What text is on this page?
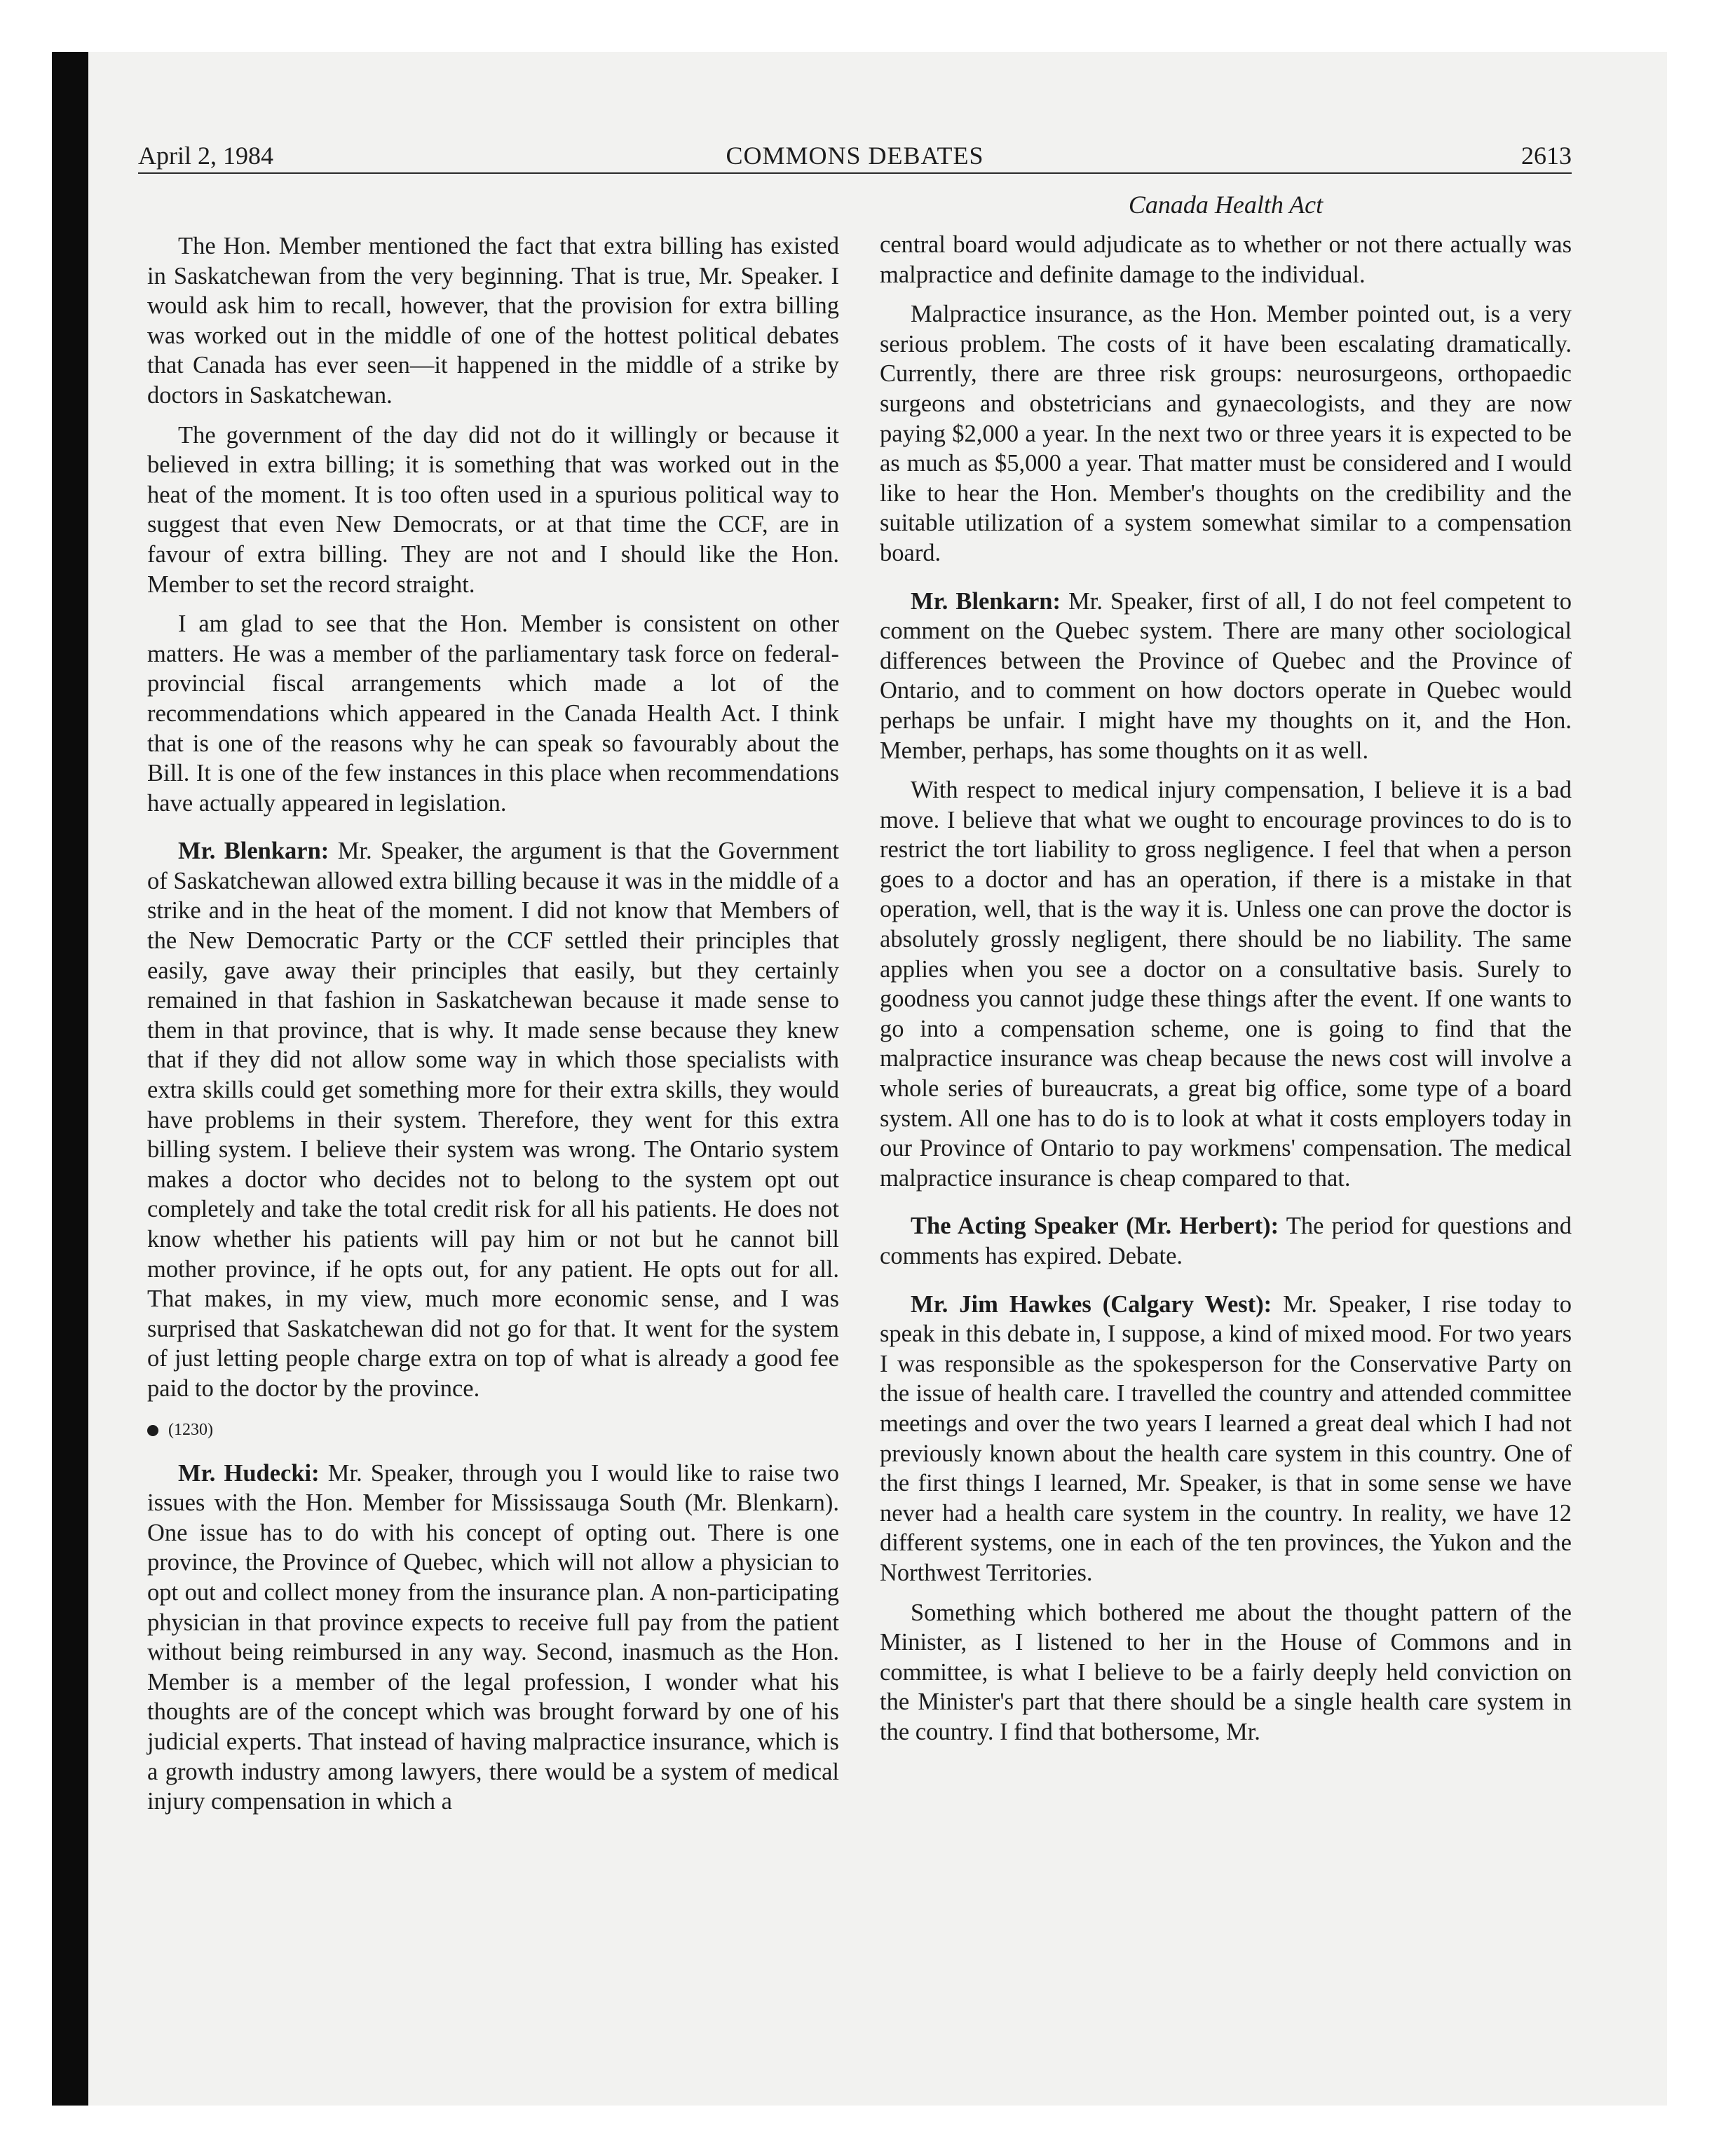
April 2, 1984	COMMONS DEBATES	2613
Canada Health Act

The Hon. Member mentioned the fact that extra billing has existed in Saskatchewan from the very beginning. That is true, Mr. Speaker. I would ask him to recall, however, that the provision for extra billing was worked out in the middle of one of the hottest political debates that Canada has ever seen—it happened in the middle of a strike by doctors in Saskatchewan.

The government of the day did not do it willingly or because it believed in extra billing; it is something that was worked out in the heat of the moment. It is too often used in a spurious political way to suggest that even New Democrats, or at that time the CCF, are in favour of extra billing. They are not and I should like the Hon. Member to set the record straight.

I am glad to see that the Hon. Member is consistent on other matters. He was a member of the parliamentary task force on federal-provincial fiscal arrangements which made a lot of the recommendations which appeared in the Canada Health Act. I think that is one of the reasons why he can speak so favourably about the Bill. It is one of the few instances in this place when recommendations have actually appeared in legislation.

Mr. Blenkarn: Mr. Speaker, the argument is that the Government of Saskatchewan allowed extra billing because it was in the middle of a strike and in the heat of the moment. I did not know that Members of the New Democratic Party or the CCF settled their principles that easily, gave away their principles that easily, but they certainly remained in that fashion in Saskatchewan because it made sense to them in that province, that is why. It made sense because they knew that if they did not allow some way in which those specialists with extra skills could get something more for their extra skills, they would have problems in their system. Therefore, they went for this extra billing system. I believe their system was wrong. The Ontario system makes a doctor who decides not to belong to the system opt out completely and take the total credit risk for all his patients. He does not know whether his patients will pay him or not but he cannot bill mother province, if he opts out, for any patient. He opts out for all. That makes, in my view, much more economic sense, and I was surprised that Saskatchewan did not go for that. It went for the system of just letting people charge extra on top of what is already a good fee paid to the doctor by the province.

(1230)

Mr. Hudecki: Mr. Speaker, through you I would like to raise two issues with the Hon. Member for Mississauga South (Mr. Blenkarn). One issue has to do with his concept of opting out. There is one province, the Province of Quebec, which will not allow a physician to opt out and collect money from the insurance plan. A non-participating physician in that province expects to receive full pay from the patient without being reimbursed in any way. Second, inasmuch as the Hon. Member is a member of the legal profession, I wonder what his thoughts are of the concept which was brought forward by one of his judicial experts. That instead of having malpractice insurance, which is a growth industry among lawyers, there would be a system of medical injury compensation in which a

central board would adjudicate as to whether or not there actually was malpractice and definite damage to the individual.

Malpractice insurance, as the Hon. Member pointed out, is a very serious problem. The costs of it have been escalating dramatically. Currently, there are three risk groups: neurosurgeons, orthopaedic surgeons and obstetricians and gynaecologists, and they are now paying $2,000 a year. In the next two or three years it is expected to be as much as $5,000 a year. That matter must be considered and I would like to hear the Hon. Member's thoughts on the credibility and the suitable utilization of a system somewhat similar to a compensation board.

Mr. Blenkarn: Mr. Speaker, first of all, I do not feel competent to comment on the Quebec system. There are many other sociological differences between the Province of Quebec and the Province of Ontario, and to comment on how doctors operate in Quebec would perhaps be unfair. I might have my thoughts on it, and the Hon. Member, perhaps, has some thoughts on it as well.

With respect to medical injury compensation, I believe it is a bad move. I believe that what we ought to encourage provinces to do is to restrict the tort liability to gross negligence. I feel that when a person goes to a doctor and has an operation, if there is a mistake in that operation, well, that is the way it is. Unless one can prove the doctor is absolutely grossly negligent, there should be no liability. The same applies when you see a doctor on a consultative basis. Surely to goodness you cannot judge these things after the event. If one wants to go into a compensation scheme, one is going to find that the malpractice insurance was cheap because the news cost will involve a whole series of bureaucrats, a great big office, some type of a board system. All one has to do is to look at what it costs employers today in our Province of Ontario to pay workmens' compensation. The medical malpractice insurance is cheap compared to that.

The Acting Speaker (Mr. Herbert): The period for questions and comments has expired. Debate.

Mr. Jim Hawkes (Calgary West): Mr. Speaker, I rise today to speak in this debate in, I suppose, a kind of mixed mood. For two years I was responsible as the spokesperson for the Conservative Party on the issue of health care. I travelled the country and attended committee meetings and over the two years I learned a great deal which I had not previously known about the health care system in this country. One of the first things I learned, Mr. Speaker, is that in some sense we have never had a health care system in the country. In reality, we have 12 different systems, one in each of the ten provinces, the Yukon and the Northwest Territories.

Something which bothered me about the thought pattern of the Minister, as I listened to her in the House of Commons and in committee, is what I believe to be a fairly deeply held conviction on the Minister's part that there should be a single health care system in the country. I find that bothersome, Mr.
